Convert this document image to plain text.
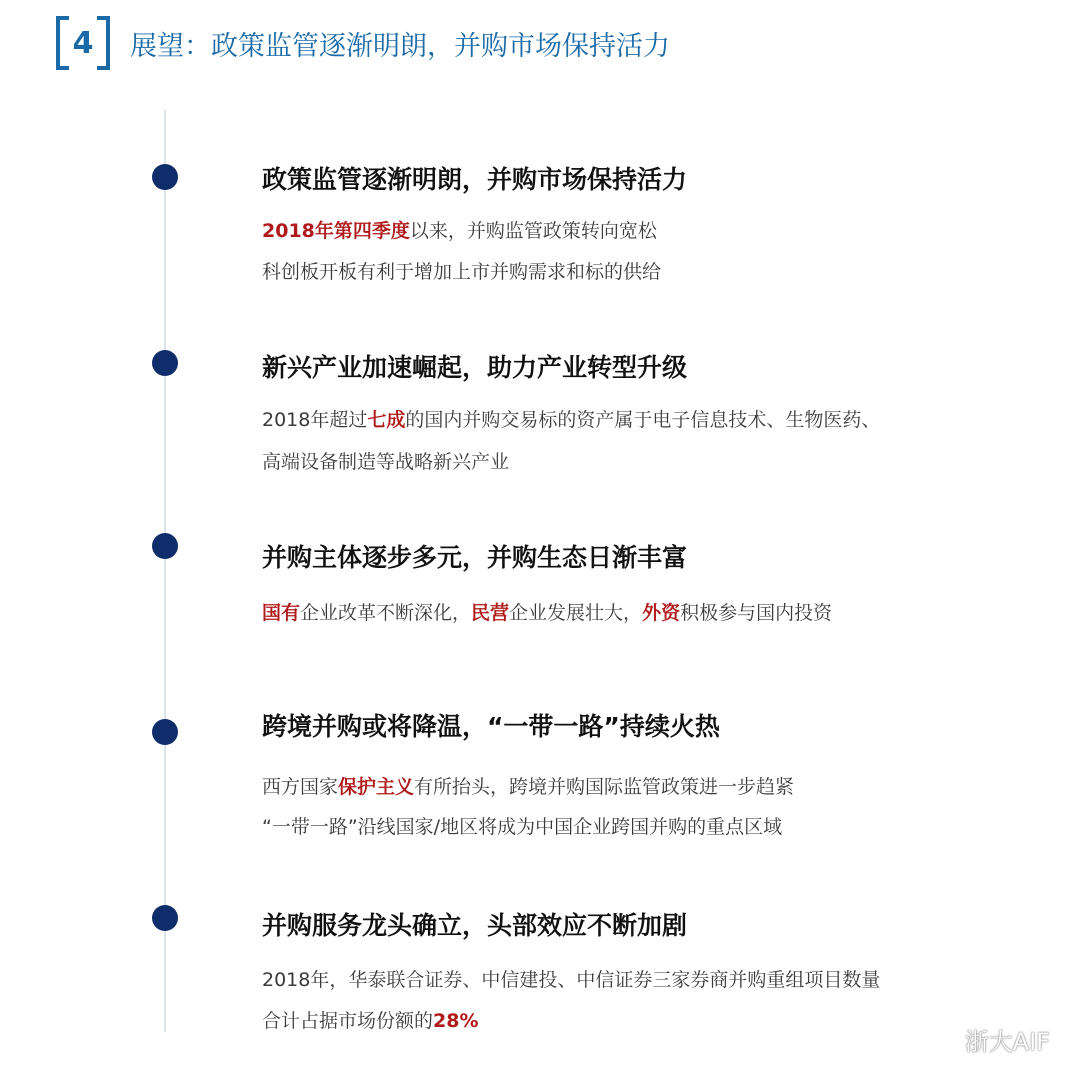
4 展望：政策监管逐渐明朗，并购市场保持活力
政策监管逐渐明朗，并购市场保持活力
2018年第四季度以来，并购监管政策转向宽松
科创板开板有利于增加上市并购需求和标的供给
新兴产业加速崛起，助力产业转型升级
2018年超过七成的国内并购交易标的资产属于电子信息技术、生物医药、
高端设备制造等战略新兴产业
并购主体逐步多元，并购生态日渐丰富
国有企业改革不断深化，民营企业发展壮大，外资积极参与国内投资
跨境并购或将降温，“一带一路”持续火热
西方国家保护主义有所抬头，跨境并购国际监管政策进一步趋紧
“一带一路”沿线国家/地区将成为中国企业跨国并购的重点区域
并购服务龙头确立，头部效应不断加剧
2018年，华泰联合证券、中信建投、中信证券三家券商并购重组项目数量
合计占据市场份额的28%
浙大AIF
